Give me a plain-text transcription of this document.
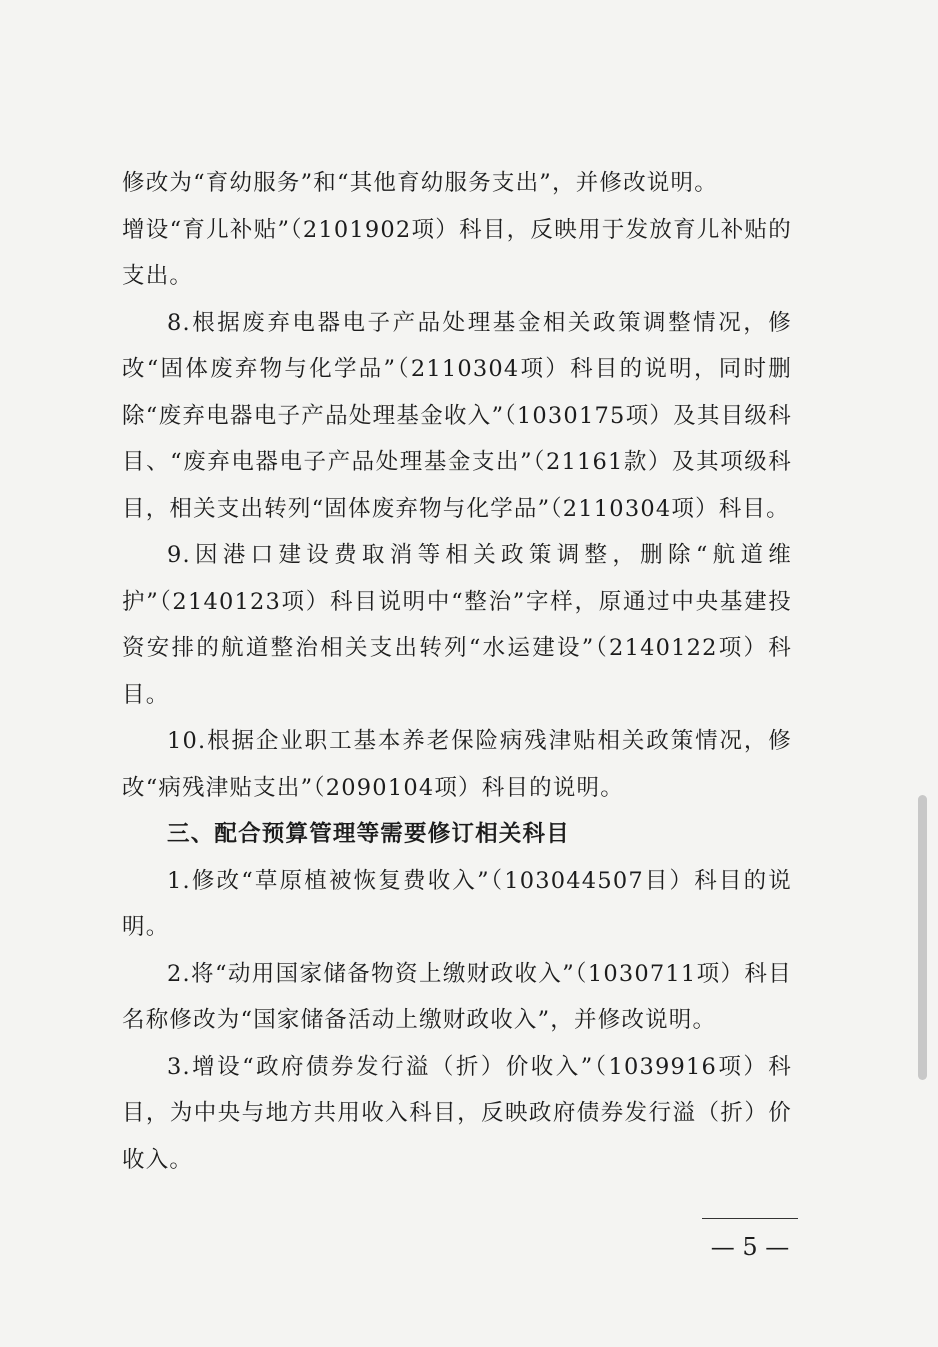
修改为“育幼服务”和“其他育幼服务支出”，并修改说明。

增设“育儿补贴”（2101902项）科目，反映用于发放育儿补贴的支出。

8.根据废弃电器电子产品处理基金相关政策调整情况，修改“固体废弃物与化学品”（2110304项）科目的说明，同时删除“废弃电器电子产品处理基金收入”（1030175项）及其目级科目、“废弃电器电子产品处理基金支出”（21161款）及其项级科目，相关支出转列“固体废弃物与化学品”（2110304项）科目。

9.因港口建设费取消等相关政策调整，删除“航道维护”（2140123项）科目说明中“整治”字样，原通过中央基建投资安排的航道整治相关支出转列“水运建设”（2140122项）科目。

10.根据企业职工基本养老保险病残津贴相关政策情况，修改“病残津贴支出”（2090104项）科目的说明。

三、配合预算管理等需要修订相关科目

1.修改“草原植被恢复费收入”（103044507目）科目的说明。

2.将“动用国家储备物资上缴财政收入”（1030711项）科目名称修改为“国家储备活动上缴财政收入”，并修改说明。

3.增设“政府债券发行溢（折）价收入”（1039916项）科目，为中央与地方共用收入科目，反映政府债券发行溢（折）价收入。

— 5 —
